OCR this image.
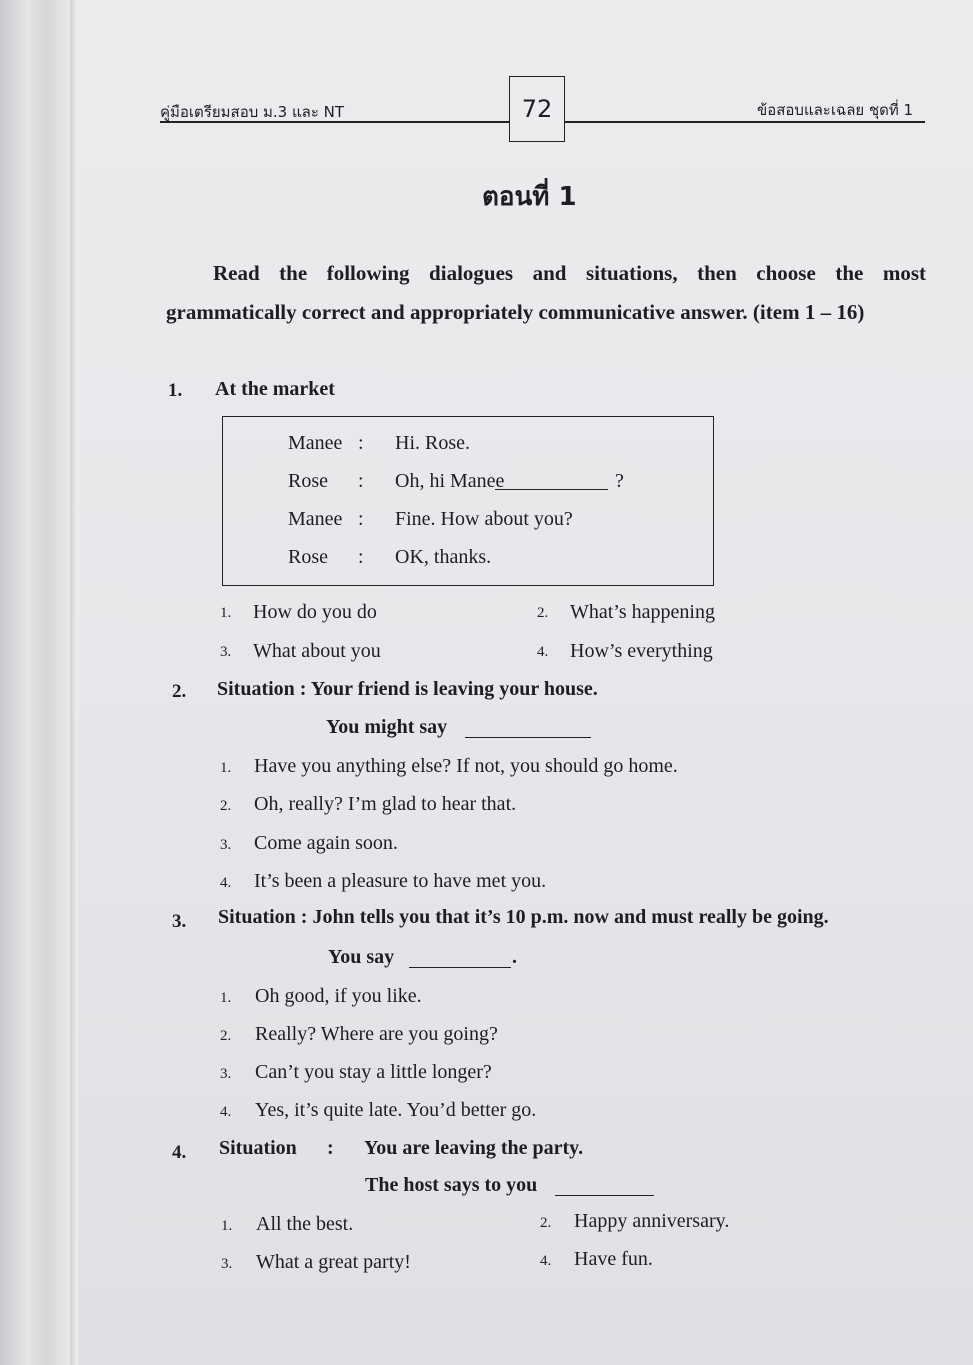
คู่มือเตรียมสอบ ม.3 และ NT	72	ข้อสอบและเฉลย ชุดที่ 1
ตอนที่ 1
Read the following dialogues and situations, then choose the most
grammatically correct and appropriately communicative answer. (item 1 – 16)
1. At the market
Manee : Hi. Rose.
Rose : Oh, hi Manee	?
Manee : Fine. How about you?
Rose : OK, thanks.
1. How do you do	2. What’s happening
3. What about you	4. How’s everything
2. Situation : Your friend is leaving your house.
You might say
1. Have you anything else? If not, you should go home.
2. Oh, really? I’m glad to hear that.
3. Come again soon.
4. It’s been a pleasure to have met you.
3. Situation : John tells you that it’s 10 p.m. now and must really be going.
You say	.
1. Oh good, if you like.
2. Really? Where are you going?
3. Can’t you stay a little longer?
4. Yes, it’s quite late. You’d better go.
4. Situation : You are leaving the party.
The host says to you
1. All the best.	2. Happy anniversary.
3. What a great party!	4. Have fun.
